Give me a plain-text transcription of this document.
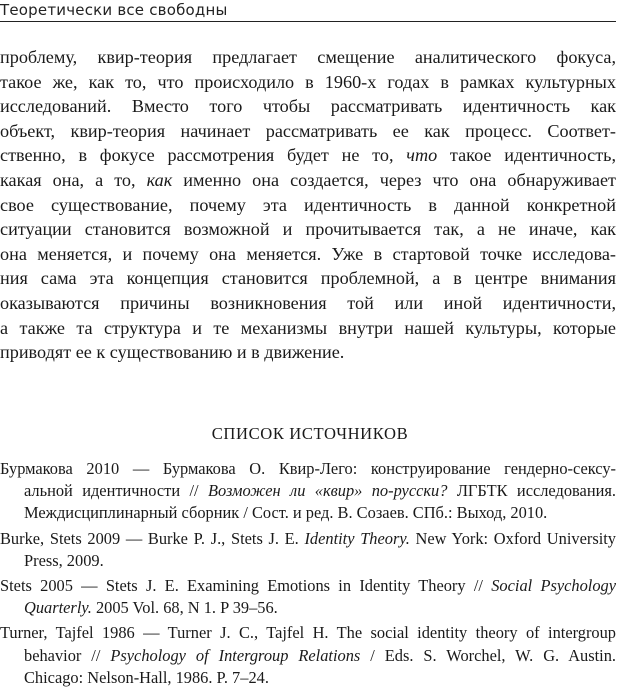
Теоретически все свободны
проблему, квир-теория предлагает смещение аналитического фокуса,
такое же, как то, что происходило в 1960-х годах в рамках культурных
исследований. Вместо того чтобы рассматривать идентичность как
объект, квир-теория начинает рассматривать ее как процесс. Соответ-
ственно, в фокусе рассмотрения будет не то, что такое идентичность,
какая она, а то, как именно она создается, через что она обнаруживает
свое существование, почему эта идентичность в данной конкретной
ситуации становится возможной и прочитывается так, а не иначе, как
она меняется, и почему она меняется. Уже в стартовой точке исследова-
ния сама эта концепция становится проблемной, а в центре внимания
оказываются причины возникновения той или иной идентичности,
а также та структура и те механизмы внутри нашей культуры, которые
приводят ее к существованию и в движение.
СПИСОК ИСТОЧНИКОВ
Бурмакова 2010 — Бурмакова О. Квир-Лего: конструирование гендерно-сексу-
альной идентичности // Возможен ли «квир» по-русски? ЛГБТК исследования.
Междисциплинарный сборник / Сост. и ред. В. Созаев. СПб.: Выход, 2010.
Burke, Stets 2009 — Burke P. J., Stets J. E. Identity Theory. New York: Oxford University
Press, 2009.
Stets 2005 — Stets J. E. Examining Emotions in Identity Theory // Social Psychology
Quarterly. 2005 Vol. 68, N 1. P 39–56.
Turner, Tajfel 1986 — Turner J. C., Tajfel H. The social identity theory of intergroup
behavior // Psychology of Intergroup Relations / Eds. S. Worchel, W. G. Austin.
Chicago: Nelson-Hall, 1986. P. 7–24.
